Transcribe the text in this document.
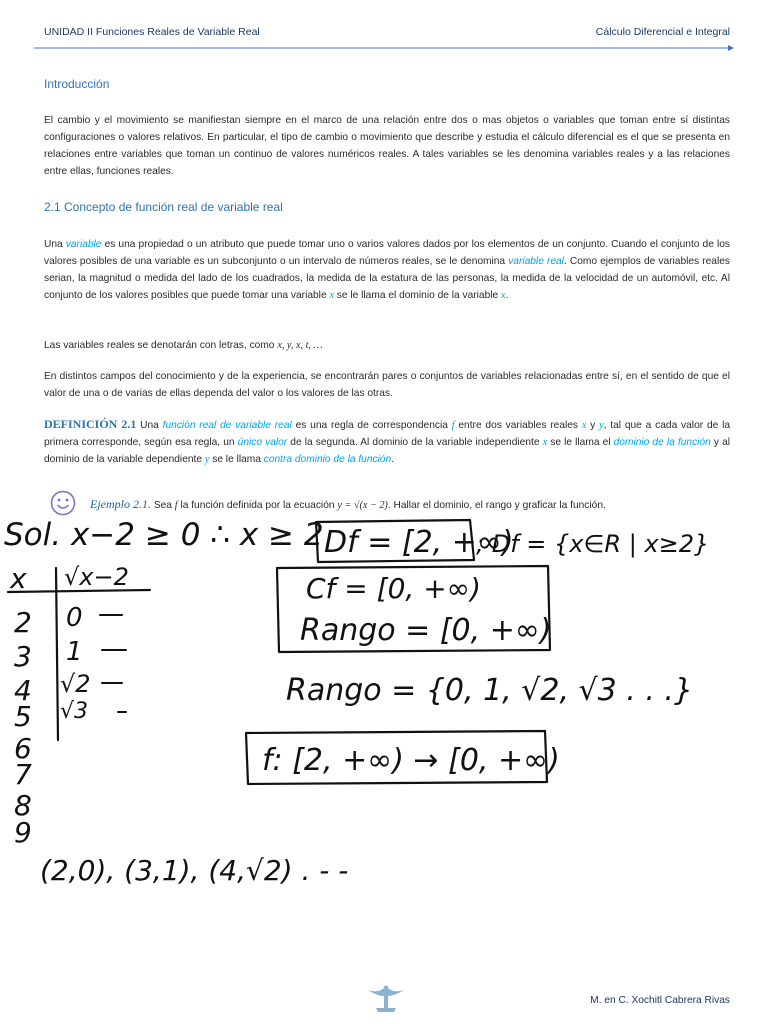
UNIDAD II Funciones Reales de Variable Real	Cálculo Diferencial e Integral
Introducción
El cambio y el movimiento se manifiestan siempre en el marco de una relación entre dos o mas objetos o variables que toman entre sí distintas configuraciones o valores relativos. En particular, el tipo de cambio o movimiento que describe y estudia el cálculo diferencial es el que se presenta en relaciones entre variables que toman un continuo de valores numéricos reales. A tales variables se les denomina variables reales y a las relaciones entre ellas, funciones reales.
2.1 Concepto de función real de variable real
Una variable es una propiedad o un atributo que puede tomar uno o varios valores dados por los elementos de un conjunto. Cuando el conjunto de los valores posibles de una variable es un subconjunto o un intervalo de números reales, se le denomina variable real. Como ejemplos de variables reales serian, la magnitud o medida del lado de los cuadrados, la medida de la estatura de las personas, la medida de la velocidad de un automóvil, etc. Al conjunto de los valores posibles que puede tomar una variable x se le llama el dominio de la variable x.
Las variables reales se denotarán con letras, como x, y, x, t, …
En distintos campos del conocimiento y de la experiencia, se encontrarán pares o conjuntos de variables relacionadas entre sí, en el sentido de que el valor de una o de varias de ellas dependa del valor o los valores de las otras.
DEFINICIÓN 2.1 Una función real de variable real es una regla de correspondencia f entre dos variables reales x y y, tal que a cada valor de la primera corresponde, según esa regla, un único valor de la segunda. Al dominio de la variable independiente x se le llama el dominio de la función y al dominio de la variable dependiente y se le llama contra dominio de la función.
Ejemplo 2.1. Sea f la función definida por la ecuación y = √(x − 2). Hallar el dominio, el rango y graficar la función.
Sol. x−2 ≥ 0 ∴ x ≥ 2 Df = [2, +∞)
; Df = {x∈R | x≥2}
x √x−2
2
3
4
5
6
7
8
9
0
1
√2
√3
Cf = [0, +∞)
Rango = [0, +∞)
Rango = {0, 1, √2, √3 . . .}
f: [2, +∞) → [0, +∞)
(2,0), (3,1), (4,√2) . - -
M. en C. Xochitl Cabrera Rivas
